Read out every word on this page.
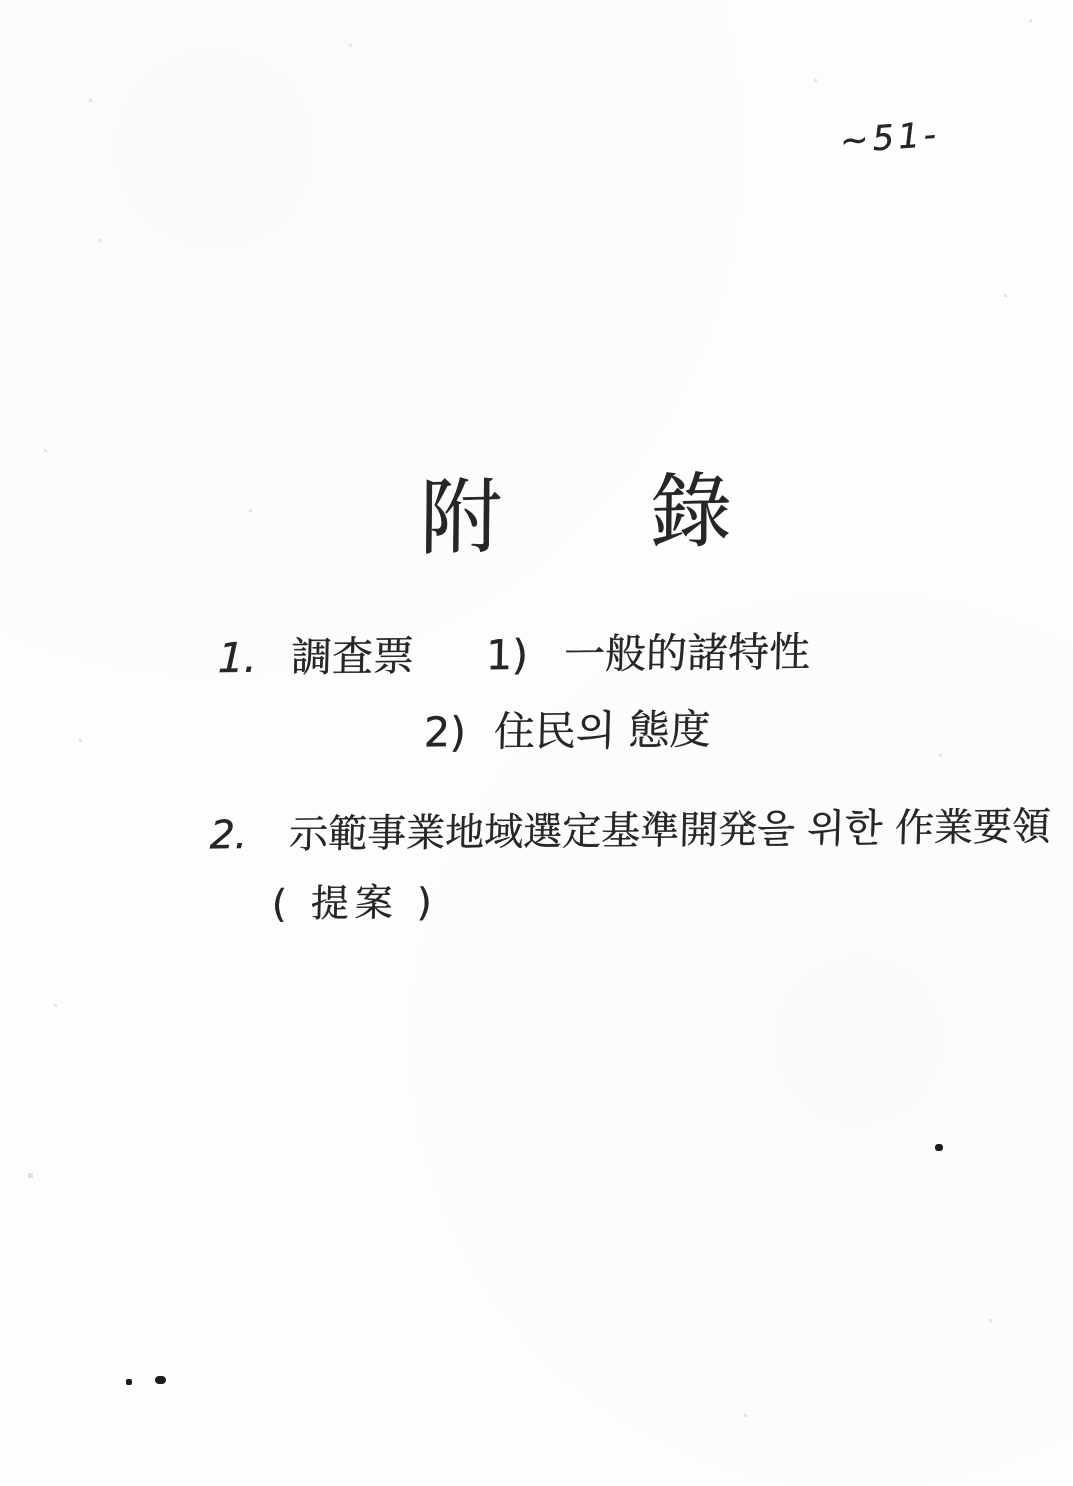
~51-
附錄
1. 調査票 1) 一般的諸特性
2) 住民의 態度
2. 示範事業地域選定基準開発을 위한 作業要領
( 提案 )
